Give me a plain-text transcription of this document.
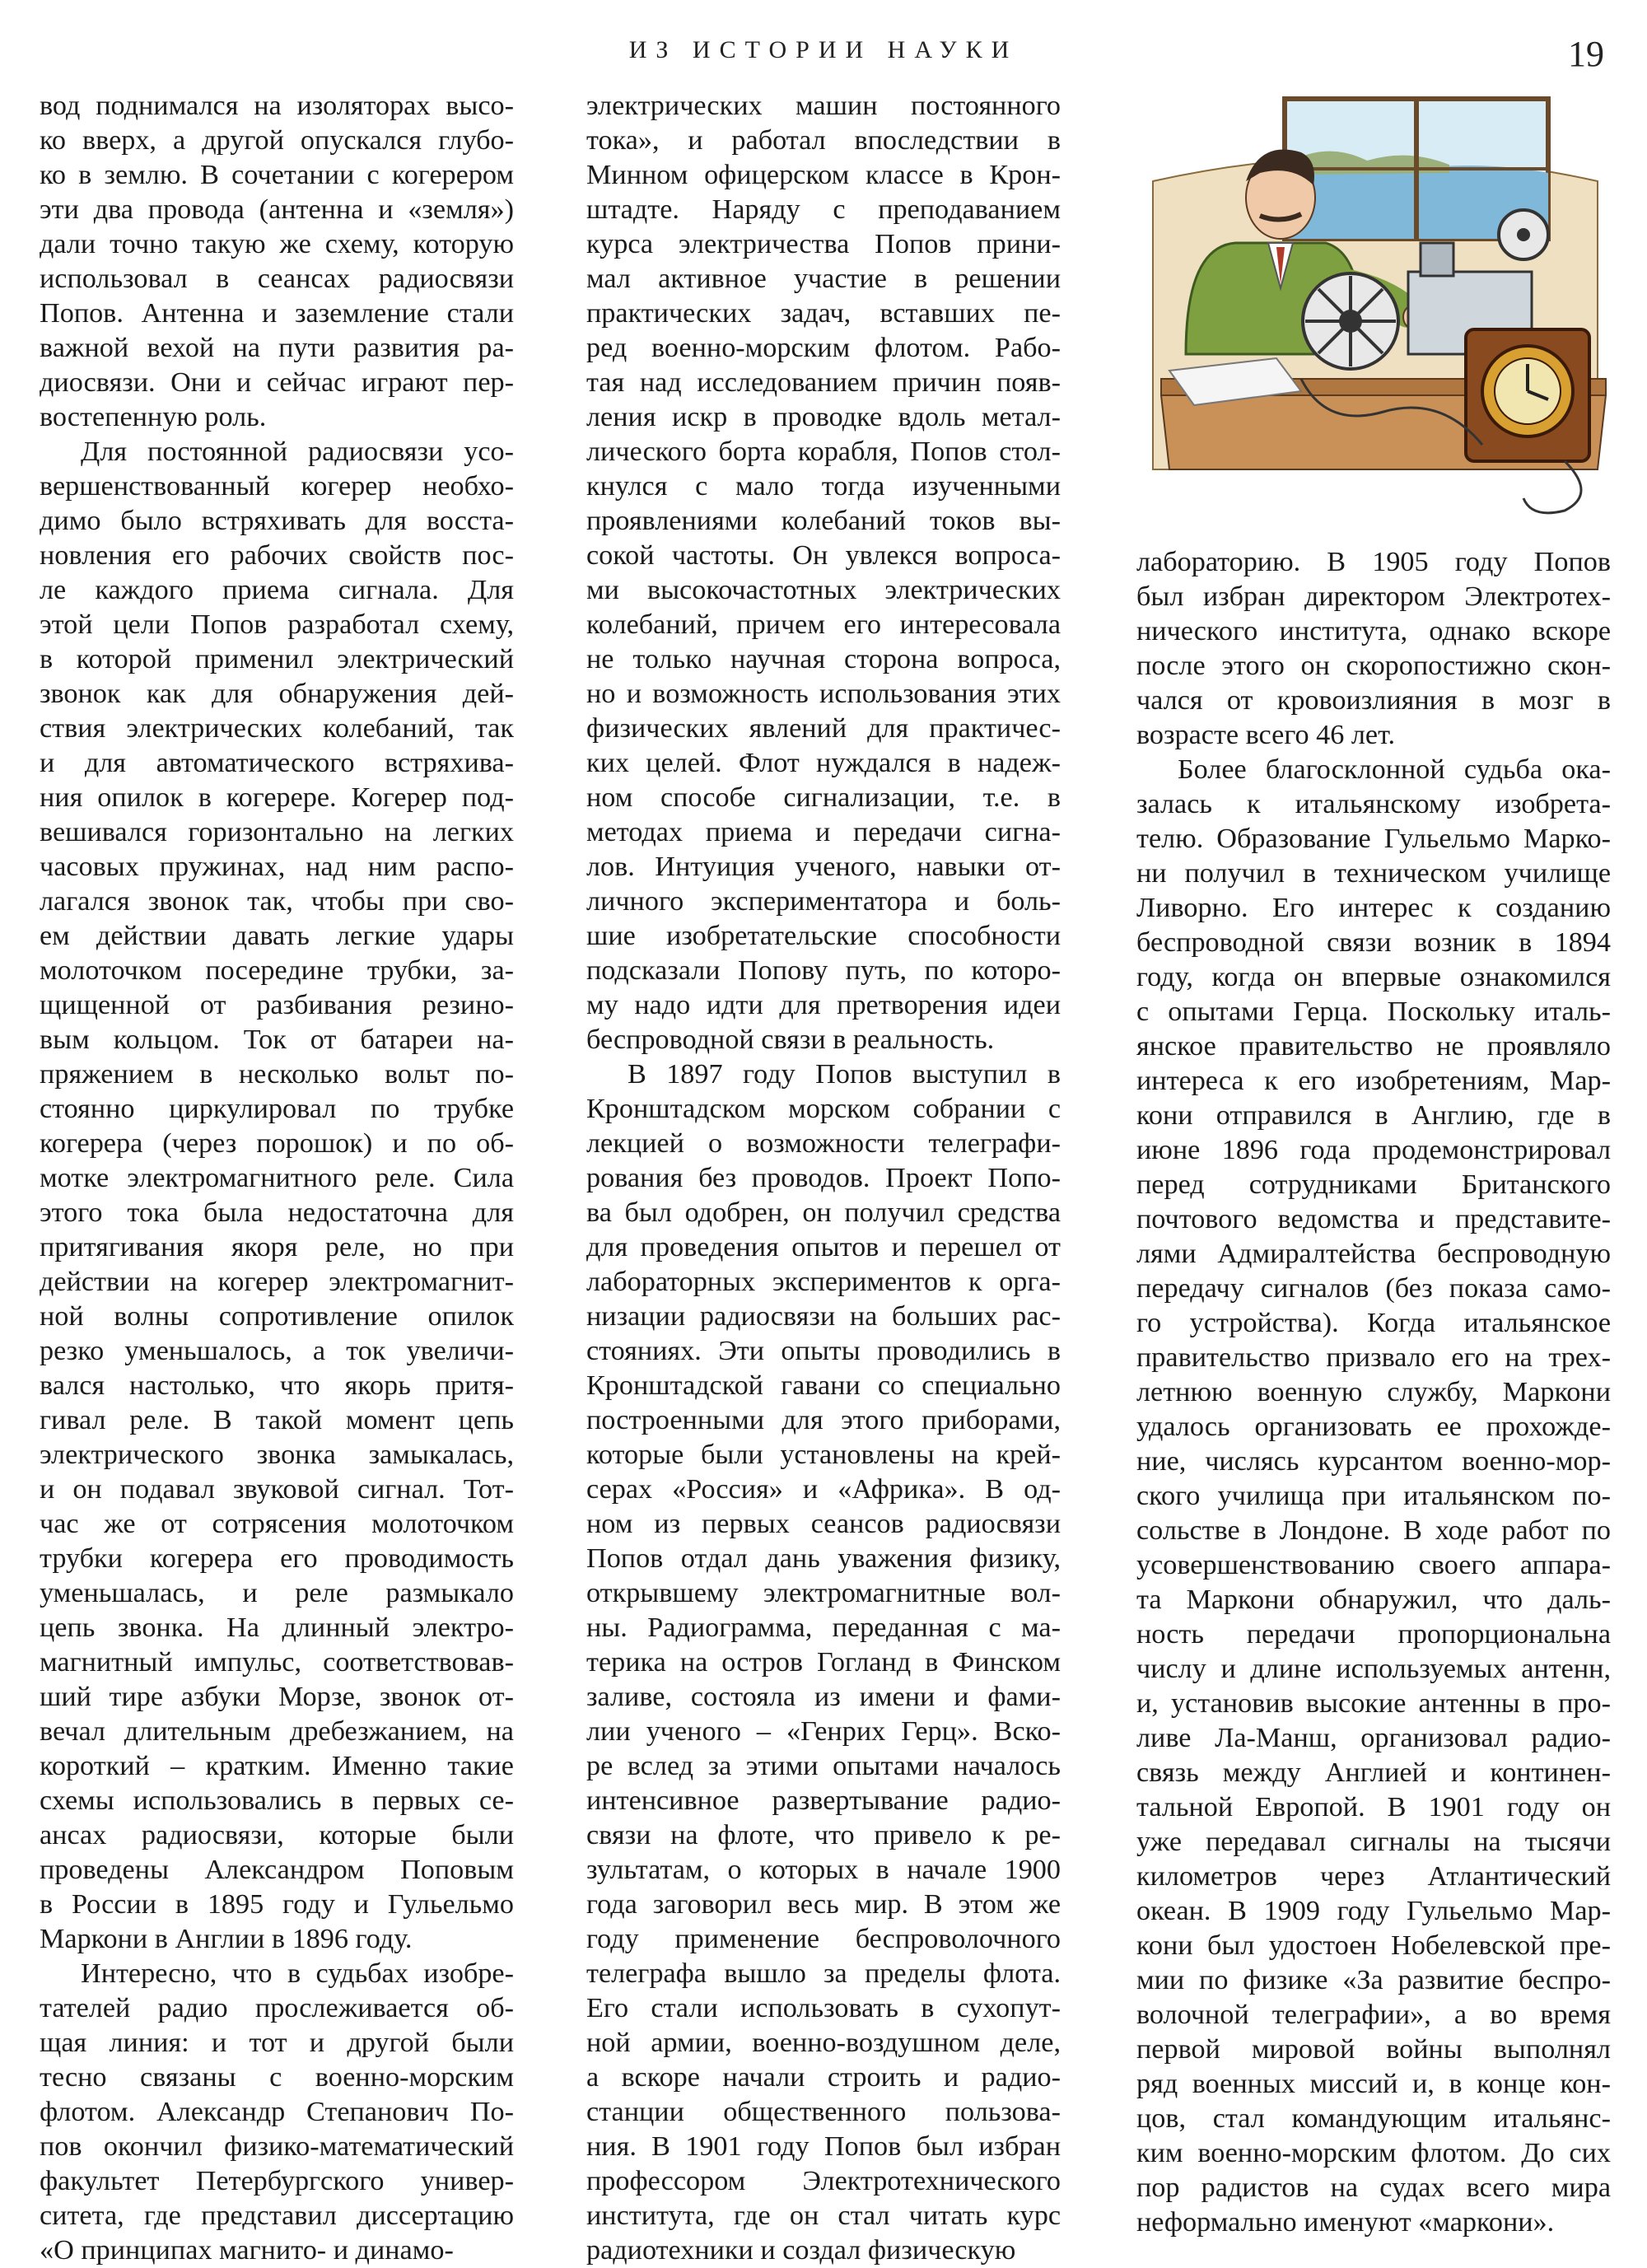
ИЗ ИСТОРИИ НАУКИ	19

вод поднимался на изоляторах высо-
ко вверх, а другой опускался глубо-
ко в землю. В сочетании с когерером
эти два провода (антенна и «земля»)
дали точно такую же схему, которую
использовал в сеансах радиосвязи
Попов. Антенна и заземление стали
важной вехой на пути развития ра-
диосвязи. Они и сейчас играют пер-
востепенную роль.

Для постоянной радиосвязи усо-
вершенствованный когерер необхо-
димо было встряхивать для восста-
новления его рабочих свойств пос-
ле каждого приема сигнала. Для
этой цели Попов разработал схему,
в которой применил электрический
звонок как для обнаружения дей-
ствия электрических колебаний, так
и для автоматического встряхива-
ния опилок в когерере. Когерер под-
вешивался горизонтально на легких
часовых пружинах, над ним распо-
лагался звонок так, чтобы при сво-
ем действии давать легкие удары
молоточком посередине трубки, за-
щищенной от разбивания резино-
вым кольцом. Ток от батареи на-
пряжением в несколько вольт по-
стоянно циркулировал по трубке
когерера (через порошок) и по об-
мотке электромагнитного реле. Сила
этого тока была недостаточна для
притягивания якоря реле, но при
действии на когерер электромагнит-
ной волны сопротивление опилок
резко уменьшалось, а ток увеличи-
вался настолько, что якорь притя-
гивал реле. В такой момент цепь
электрического звонка замыкалась,
и он подавал звуковой сигнал. Тот-
час же от сотрясения молоточком
трубки когерера его проводимость
уменьшалась, и реле размыкало
цепь звонка. На длинный электро-
магнитный импульс, соответствовав-
ший тире азбуки Морзе, звонок от-
вечал длительным дребезжанием, на
короткий – кратким. Именно такие
схемы использовались в первых се-
ансах радиосвязи, которые были
проведены Александром Поповым
в России в 1895 году и Гульельмо
Маркони в Англии в 1896 году.

Интересно, что в судьбах изобре-
тателей радио прослеживается об-
щая линия: и тот и другой были
тесно связаны с военно-морским
флотом. Александр Степанович По-
пов окончил физико-математический
факультет Петербургского универ-
ситета, где представил диссертацию
«О принципах магнито- и динамо-

электрических машин постоянного
тока», и работал впоследствии в
Минном офицерском классе в Крон-
штадте. Наряду с преподаванием
курса электричества Попов прини-
мал активное участие в решении
практических задач, вставших пе-
ред военно-морским флотом. Рабо-
тая над исследованием причин появ-
ления искр в проводке вдоль метал-
лического борта корабля, Попов стол-
кнулся с мало тогда изученными
проявлениями колебаний токов вы-
сокой частоты. Он увлекся вопроса-
ми высокочастотных электрических
колебаний, причем его интересовала
не только научная сторона вопроса,
но и возможность использования этих
физических явлений для практичес-
ких целей. Флот нуждался в надеж-
ном способе сигнализации, т.е. в
методах приема и передачи сигна-
лов. Интуиция ученого, навыки от-
личного экспериментатора и боль-
шие изобретательские способности
подсказали Попову путь, по которо-
му надо идти для претворения идеи
беспроводной связи в реальность.

В 1897 году Попов выступил в
Кронштадском морском собрании с
лекцией о возможности телеграфи-
рования без проводов. Проект Попо-
ва был одобрен, он получил средства
для проведения опытов и перешел от
лабораторных экспериментов к орга-
низации радиосвязи на больших рас-
стояниях. Эти опыты проводились в
Кронштадской гавани со специально
построенными для этого приборами,
которые были установлены на крей-
серах «Россия» и «Африка». В од-
ном из первых сеансов радиосвязи
Попов отдал дань уважения физику,
открывшему электромагнитные вол-
ны. Радиограмма, переданная с ма-
терика на остров Гогланд в Финском
заливе, состояла из имени и фами-
лии ученого – «Генрих Герц». Вско-
ре вслед за этими опытами началось
интенсивное развертывание радио-
связи на флоте, что привело к ре-
зультатам, о которых в начале 1900
года заговорил весь мир. В этом же
году применение беспроволочного
телеграфа вышло за пределы флота.
Его стали использовать в сухопут-
ной армии, военно-воздушном деле,
а вскоре начали строить и радио-
станции общественного пользова-
ния. В 1901 году Попов был избран
профессором Электротехнического
института, где он стал читать курс
радиотехники и создал физическую

лабораторию. В 1905 году Попов
был избран директором Электротех-
нического института, однако вскоре
после этого он скоропостижно скон-
чался от кровоизлияния в мозг в
возрасте всего 46 лет.

Более благосклонной судьба ока-
залась к итальянскому изобрета-
телю. Образование Гульельмо Марко-
ни получил в техническом училище
Ливорно. Его интерес к созданию
беспроводной связи возник в 1894
году, когда он впервые ознакомился
с опытами Герца. Поскольку италь-
янское правительство не проявляло
интереса к его изобретениям, Мар-
кони отправился в Англию, где в
июне 1896 года продемонстрировал
перед сотрудниками Британского
почтового ведомства и представите-
лями Адмиралтейства беспроводную
передачу сигналов (без показа само-
го устройства). Когда итальянское
правительство призвало его на трех-
летнюю военную службу, Маркони
удалось организовать ее прохожде-
ние, числясь курсантом военно-мор-
ского училища при итальянском по-
сольстве в Лондоне. В ходе работ по
усовершенствованию своего аппара-
та Маркони обнаружил, что даль-
ность передачи пропорциональна
числу и длине используемых антенн,
и, установив высокие антенны в про-
ливе Ла-Манш, организовал радио-
связь между Англией и континен-
тальной Европой. В 1901 году он
уже передавал сигналы на тысячи
километров через Атлантический
океан. В 1909 году Гульельмо Мар-
кони был удостоен Нобелевской пре-
мии по физике «За развитие беспро-
волочной телеграфии», а во время
первой мировой войны выполнял
ряд военных миссий и, в конце кон-
цов, стал командующим итальянс-
ким военно-морским флотом. До сих
пор радистов на судах всего мира
неформально именуют «маркони».
